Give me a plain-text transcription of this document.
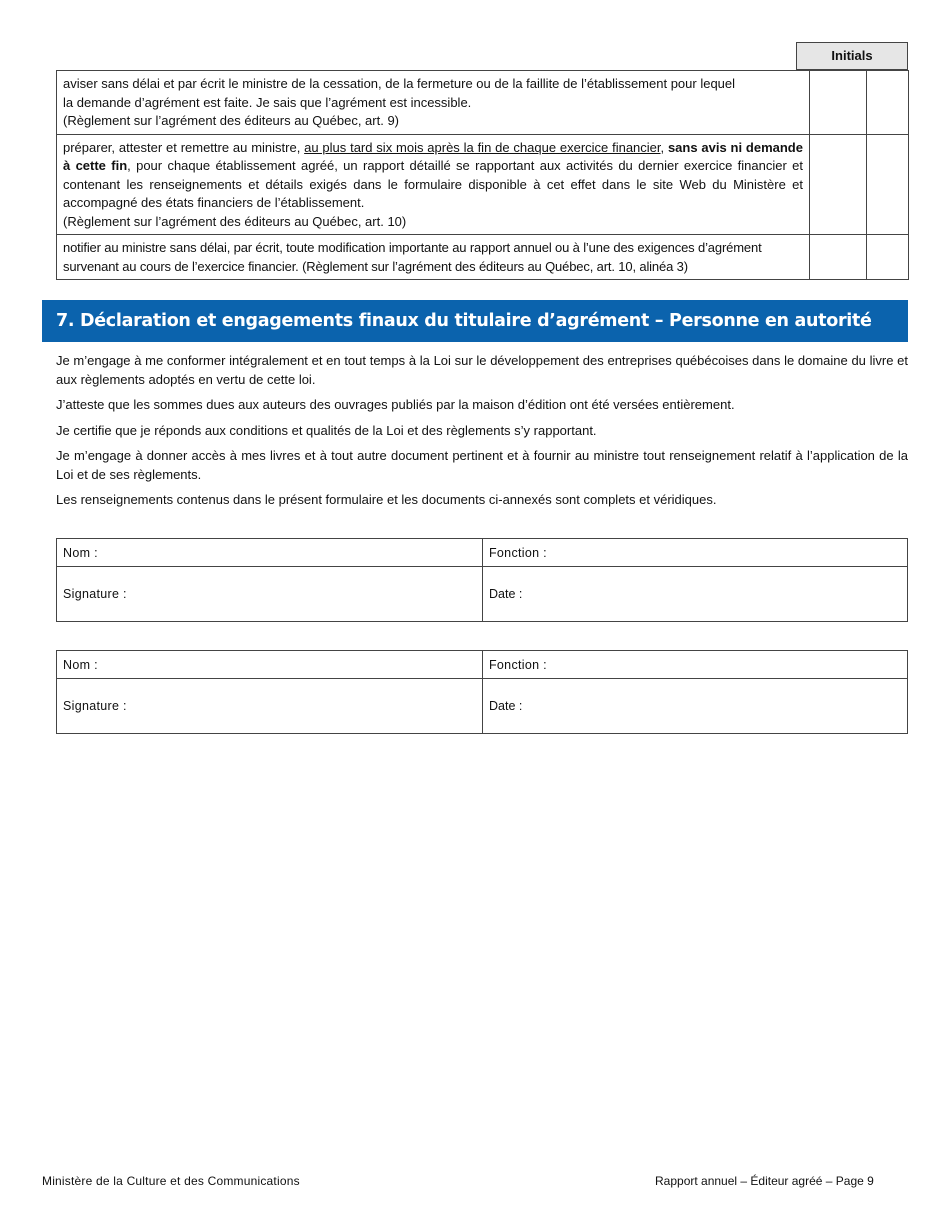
Initials
aviser sans délai et par écrit le ministre de la cessation, de la fermeture ou de la faillite de l’établissement pour lequel
la demande d’agrément est faite. Je sais que l’agrément est incessible.
(Règlement sur l’agrément des éditeurs au Québec, art. 9)		
préparer, attester et remettre au ministre, au plus tard six mois après la fin de chaque exercice financier, sans avis ni demande à cette fin, pour chaque établissement agréé, un rapport détaillé se rapportant aux activités du dernier exercice financier et contenant les renseignements et détails exigés dans le formulaire disponible à cet effet dans le site Web du Ministère et accompagné des états financiers de l’établissement.
(Règlement sur l’agrément des éditeurs au Québec, art. 10)		
notifier au ministre sans délai, par écrit, toute modification importante au rapport annuel ou à l’une des exigences d’agrément survenant au cours de l’exercice financier. (Règlement sur l’agrément des éditeurs au Québec, art. 10, alinéa 3)		
7. Déclaration et engagements finaux du titulaire d’agrément – Personne en autorité

Je m’engage à me conformer intégralement et en tout temps à la Loi sur le développement des entreprises québécoises dans le domaine du livre et aux règlements adoptés en vertu de cette loi.

J’atteste que les sommes dues aux auteurs des ouvrages publiés par la maison d’édition ont été versées entièrement.

Je certifie que je réponds aux conditions et qualités de la Loi et des règlements s’y rapportant.

Je m’engage à donner accès à mes livres et à tout autre document pertinent et à fournir au ministre tout renseignement relatif à l’application de la Loi et de ses règlements.

Les renseignements contenus dans le présent formulaire et les documents ci-annexés sont complets et véridiques.

Nom :	Fonction :
Signature :	Date :
Nom :	Fonction :
Signature :	Date :
Ministère de la Culture et des Communications	Rapport annuel – Éditeur agréé – Page 9
